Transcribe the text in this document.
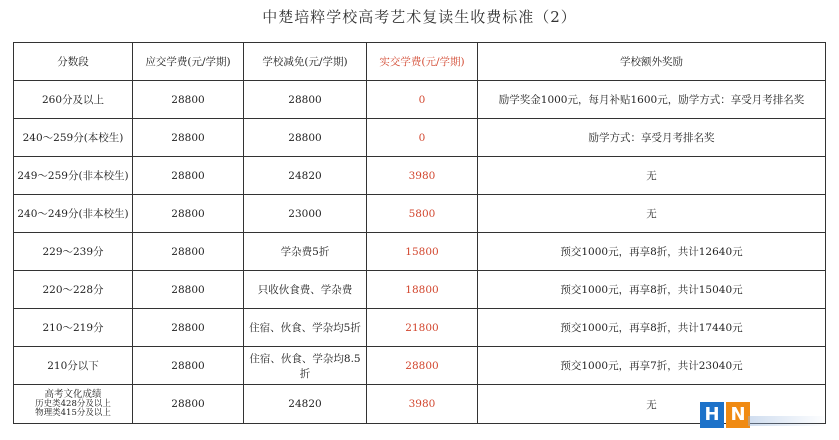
中楚培粹学校高考艺术复读生收费标准（2）
分数段	应交学费(元/学期)	学校减免(元/学期)	实交学费(元/学期)	学校额外奖励
260分及以上	28800	28800	0	励学奖金1000元，每月补贴1600元，励学方式：享受月考排名奖
240～259分(本校生)	28800	28800	0	励学方式：享受月考排名奖
249～259分(非本校生)	28800	24820	3980	无
240～249分(非本校生)	28800	23000	5800	无
229～239分	28800	学杂费5折	15800	预交1000元，再享8折，共计12640元
220～228分	28800	只收伙食费、学杂费	18800	预交1000元，再享8折，共计15040元
210～219分	28800	住宿、伙食、学杂均5折	21800	预交1000元，再享8折，共计17440元
210分以下	28800	住宿、伙食、学杂均8.5折	28800	预交1000元，再享7折，共计23040元
高考文化成绩
历史类428分及以上
物理类415分及以上	28800	24820	3980	无	H N
